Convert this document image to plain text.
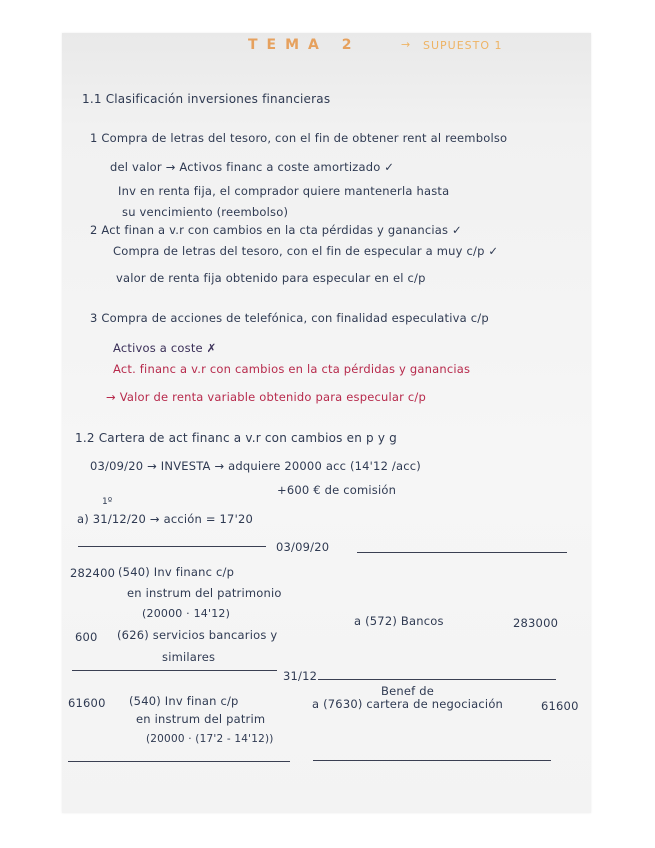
TEMA 2	→ SUPUESTO 1
1.1 Clasificación inversiones financieras
1 Compra de letras del tesoro, con el fin de obtener rent al reembolso
del valor → Activos financ a coste amortizado ✓
Inv en renta fija, el comprador quiere mantenerla hasta
su vencimiento (reembolso)
2 Act finan a v.r con cambios en la cta pérdidas y ganancias ✓
Compra de letras del tesoro, con el fin de especular a muy c/p ✓
valor de renta fija obtenido para especular en el c/p
3 Compra de acciones de telefónica, con finalidad especulativa c/p
Activos a coste ✗
Act. financ a v.r con cambios en la cta pérdidas y ganancias
→ Valor de renta variable obtenido para especular c/p
1.2 Cartera de act financ a v.r con cambios en p y g
03/09/20 → INVESTA → adquiere 20000 acc (14'12 /acc)
+600 € de comisión
1º
a) 31/12/20 → acción = 17'20
03/09/20
282400 (540) Inv financ c/p
en instrum del patrimonio
(20000 · 14'12)
a (572) Bancos	283000
600 (626) servicios bancarios y
similares
31/12
Benef de
61600 (540) Inv finan c/p	a (7630) cartera de negociación	61600
en instrum del patrim
(20000 · (17'2 - 14'12))
